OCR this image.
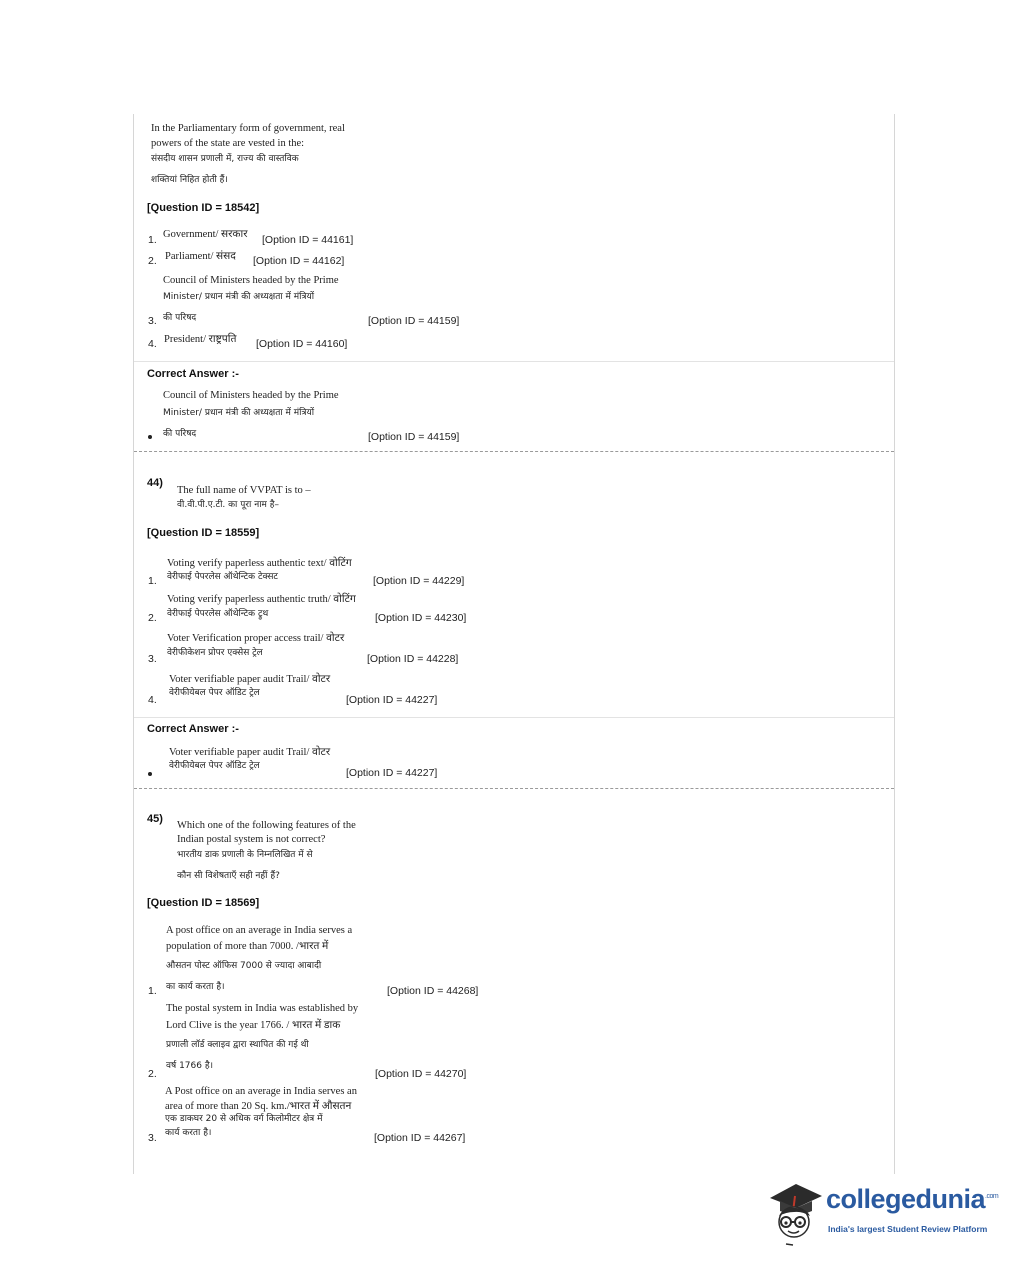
In the Parliamentary form of government, real
powers of the state are vested in the:
संसदीय शासन प्रणाली में, राज्य की वास्तविक
शक्तियां निहित होती हैं।
[Question ID = 18542]
1. Government/ सरकार [Option ID = 44161]
2. Parliament/ संसद [Option ID = 44162]
Council of Ministers headed by the Prime
Minister/ प्रधान मंत्री की अध्यक्षता में मंत्रियों
3. की परिषद	[Option ID = 44159]
4. President/ राष्ट्रपति [Option ID = 44160]
Correct Answer :-
Council of Ministers headed by the Prime
Minister/ प्रधान मंत्री की अध्यक्षता में मंत्रियों
की परिषद	[Option ID = 44159]
44)
The full name of VVPAT is to –
वी.वी.पी.ए.टी. का पूरा नाम है–
[Question ID = 18559]
Voting verify paperless authentic text/ वोटिंग
1. वेरीफाई पेपरलेस ऑथेन्टिक टेक्सट	[Option ID = 44229]
Voting verify paperless authentic truth/ वोटिंग
2. वेरीफाई पेपरलेस ऑथेन्टिक ट्रुथ	[Option ID = 44230]
Voter Verification proper access trail/ वोटर
3. वेरीफीकेशन प्रोपर एक्सेस ट्रेल	[Option ID = 44228]
Voter verifiable paper audit Trail/ वोटर
4.
वेरीफीयेबल पेपर ऑडिट ट्रेल
[Option ID = 44227]
Correct Answer :-
Voter verifiable paper audit Trail/ वोटर
वेरीफीयेबल पेपर ऑडिट ट्रेल
[Option ID = 44227]
45)
Which one of the following features of the
Indian postal system is not correct?
भारतीय डाक प्रणाली के निम्नलिखित में से
कौन सी विशेषताएँ सही नहीं हैं?
[Question ID = 18569]
A post office on an average in India serves a
population of more than 7000. /भारत में
औसतन पोस्ट ऑफिस 7000 से ज्यादा आबादी
1. का कार्य करता है।	[Option ID = 44268]
The postal system in India was established by
Lord Clive is the year 1766. / भारत में डाक
प्रणाली लॉर्ड क्लाइव द्वारा स्थापित की गई थी
2.
वर्ष 1766 है।
[Option ID = 44270]
A Post office on an average in India serves an
area of more than 20 Sq. km./भारत में औसतन
एक डाकघर 20 से अधिक वर्ग किलोमीटर क्षेत्र में
3. कार्य करता है।	[Option ID = 44267]
collegedunia$^{.com}$
India's largest Student Review Platform
